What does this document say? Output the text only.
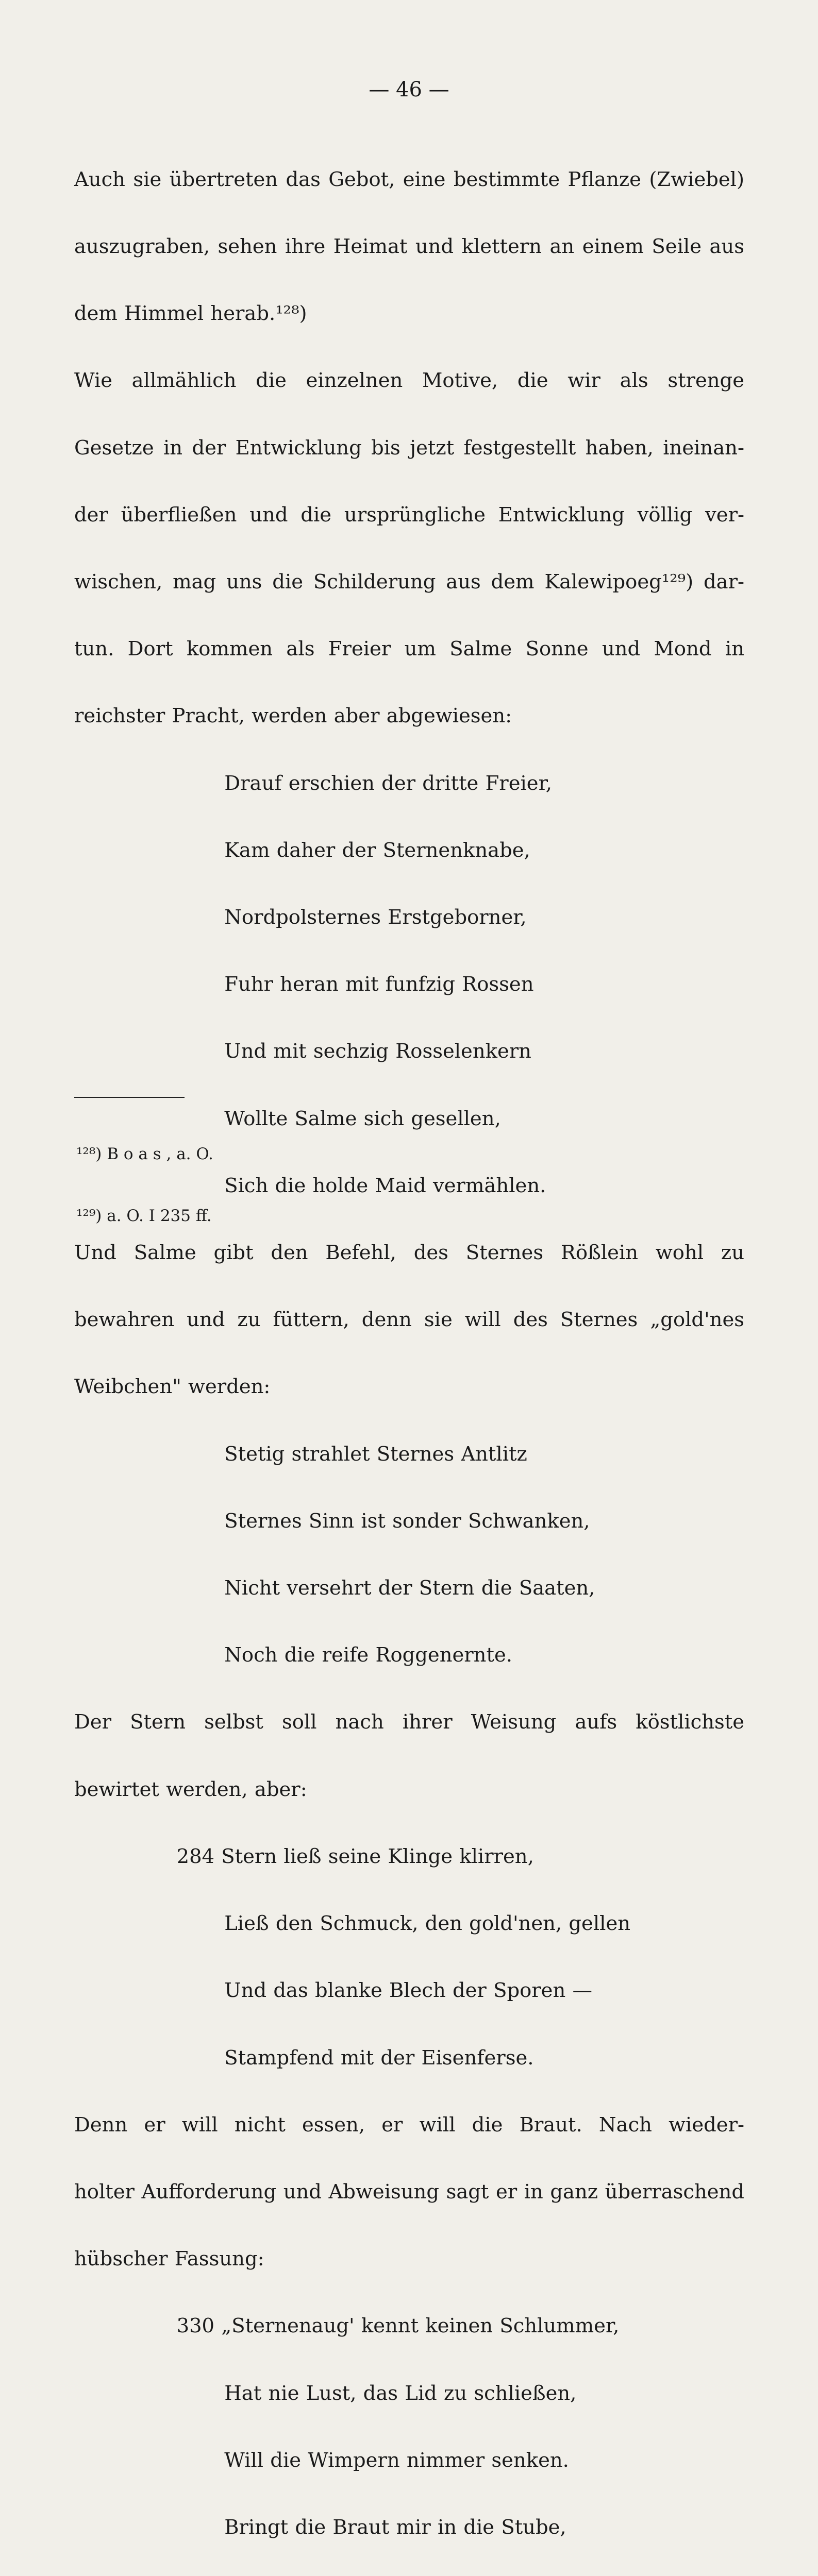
— 46 —

Auch sie übertreten das Gebot, eine bestimmte Pflanze (Zwiebel)

auszugraben, sehen ihre Heimat und klettern an einem Seile aus

dem Himmel herab.¹²⁸)

Wie allmählich die einzelnen Motive, die wir als strenge

Gesetze in der Entwicklung bis jetzt festgestellt haben, ineinan-

der überfließen und die ursprüngliche Entwicklung völlig ver-

wischen, mag uns die Schilderung aus dem Kalewipoeg¹²⁹) dar-

tun. Dort kommen als Freier um Salme Sonne und Mond in

reichster Pracht, werden aber abgewiesen:

Drauf erschien der dritte Freier,

Kam daher der Sternenknabe,

Nordpolsternes Erstgeborner,

Fuhr heran mit funfzig Rossen

Und mit sechzig Rosselenkern

Wollte Salme sich gesellen,

Sich die holde Maid vermählen.

Und Salme gibt den Befehl, des Sternes Rößlein wohl zu

bewahren und zu füttern, denn sie will des Sternes „gold'nes

Weibchen" werden:

Stetig strahlet Sternes Antlitz

Sternes Sinn ist sonder Schwanken,

Nicht versehrt der Stern die Saaten,

Noch die reife Roggenernte.

Der Stern selbst soll nach ihrer Weisung aufs köstlichste

bewirtet werden, aber:

284 Stern ließ seine Klinge klirren,

Ließ den Schmuck, den gold'nen, gellen

Und das blanke Blech der Sporen —

Stampfend mit der Eisenferse.

Denn er will nicht essen, er will die Braut. Nach wieder-

holter Aufforderung und Abweisung sagt er in ganz überraschend

hübscher Fassung:

330 „Sternenaug' kennt keinen Schlummer,

Hat nie Lust, das Lid zu schließen,

Will die Wimpern nimmer senken.

Bringt die Braut mir in die Stube,

¹²⁸) B o a s , a. O.

¹²⁹) a. O. I 235 ff.
